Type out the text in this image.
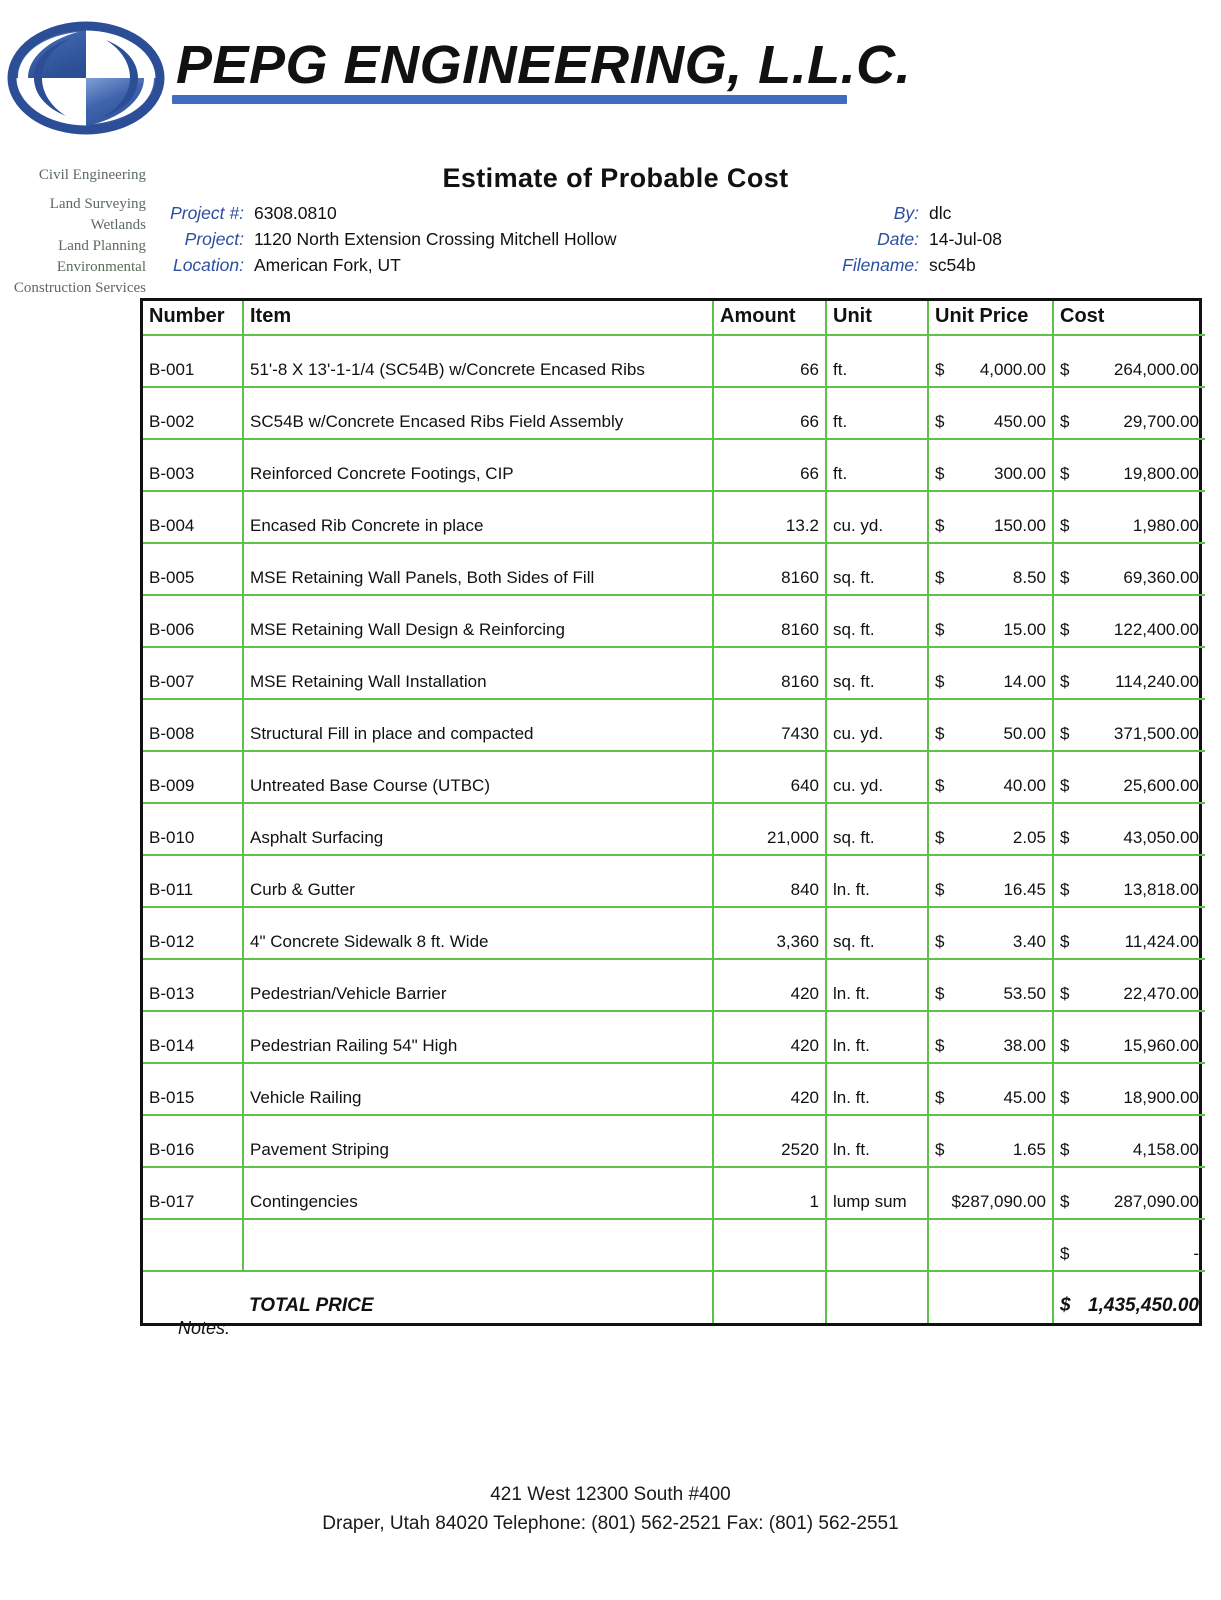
PEPG ENGINEERING, L.L.C.
Civil Engineering
Land Surveying
Wetlands
Land Planning
Environmental
Construction Services
Estimate of Probable Cost
Project #: 6308.0810
Project: 1120 North Extension Crossing Mitchell Hollow
Location: American Fork, UT
By: dlc
Date: 14-Jul-08
Filename: sc54b
Number	Item	Amount	Unit	Unit Price	Cost
B-001	51'-8 X 13'-1-1/4 (SC54B) w/Concrete Encased Ribs	66	ft.	$ 4,000.00	$ 264,000.00

B-002	SC54B w/Concrete Encased Ribs Field Assembly	66	ft.	$ 450.00	$ 29,700.00

B-003	Reinforced Concrete Footings, CIP	66	ft.	$ 300.00	$ 19,800.00

B-004	Encased Rib Concrete in place	13.2	cu. yd.	$ 150.00	$ 1,980.00

B-005	MSE Retaining Wall Panels, Both Sides of Fill	8160	sq. ft.	$ 8.50	$ 69,360.00

B-006	MSE Retaining Wall Design & Reinforcing	8160	sq. ft.	$ 15.00	$ 122,400.00

B-007	MSE Retaining Wall Installation	8160	sq. ft.	$ 14.00	$ 114,240.00

B-008	Structural Fill in place and compacted	7430	cu. yd.	$ 50.00	$ 371,500.00

B-009	Untreated Base Course (UTBC)	640	cu. yd.	$ 40.00	$ 25,600.00

B-010	Asphalt Surfacing	21,000	sq. ft.	$ 2.05	$ 43,050.00

B-011	Curb & Gutter	840	ln. ft.	$ 16.45	$ 13,818.00

B-012	4" Concrete Sidewalk 8 ft. Wide	3,360	sq. ft.	$ 3.40	$ 11,424.00

B-013	Pedestrian/Vehicle Barrier	420	ln. ft.	$ 53.50	$ 22,470.00

B-014	Pedestrian Railing 54" High	420	ln. ft.	$ 38.00	$ 15,960.00

B-015	Vehicle Railing	420	ln. ft.	$ 45.00	$ 18,900.00

B-016	Pavement Striping	2520	ln. ft.	$ 1.65	$ 4,158.00

B-017	Contingencies	1	lump sum	$287,090.00	$ 287,090.00

					$ -

	TOTAL PRICE				$ 1,435,450.00
Notes:
421 West 12300 South #400
Draper, Utah 84020 Telephone: (801) 562-2521 Fax: (801) 562-2551
